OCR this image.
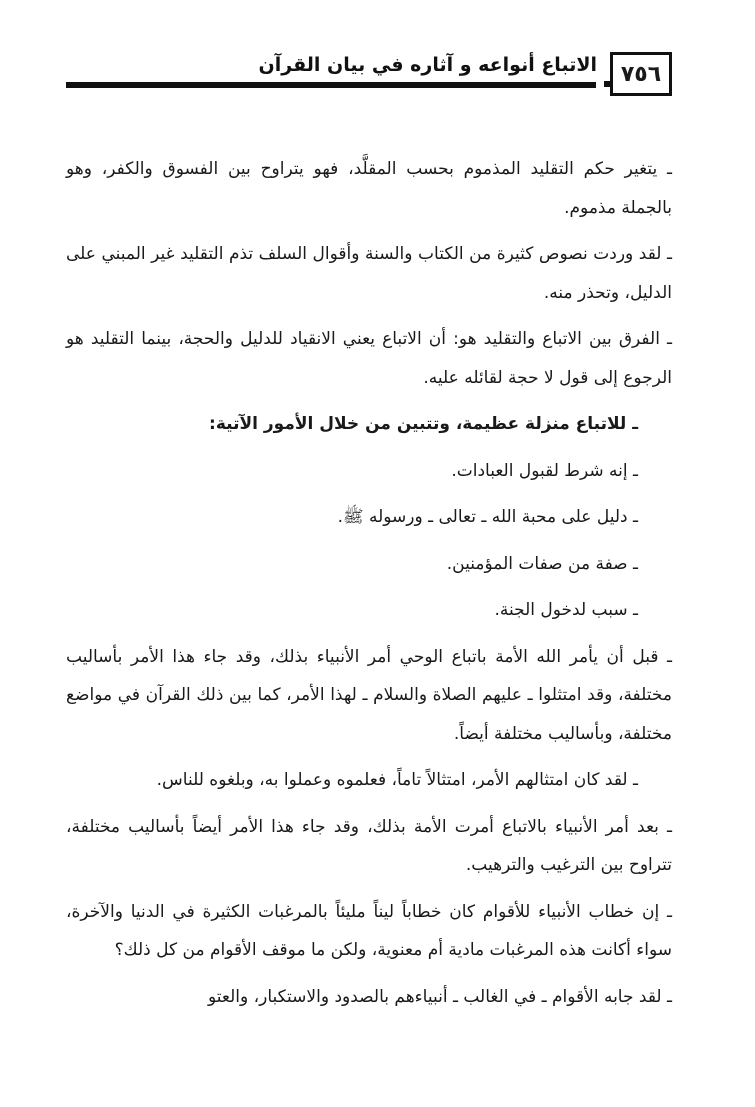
الاتباع أنواعه و آثاره في بيان القرآن	٧٥٦

ـ يتغير حكم التقليد المذموم بحسب المقلَّد، فهو يتراوح بين الفسوق والكفر، وهو بالجملة مذموم.

ـ لقد وردت نصوص كثيرة من الكتاب والسنة وأقوال السلف تذم التقليد غير المبني على الدليل، وتحذر منه.

ـ الفرق بين الاتباع والتقليد هو: أن الاتباع يعني الانقياد للدليل والحجة، بينما التقليد هو الرجوع إلى قول لا حجة لقائله عليه.

ـ للاتباع منزلة عظيمة، وتتبين من خلال الأمور الآتية:

ـ إنه شرط لقبول العبادات.

ـ دليل على محبة الله ـ تعالى ـ ورسوله ﷺ.

ـ صفة من صفات المؤمنين.

ـ سبب لدخول الجنة.

ـ قبل أن يأمر الله الأمة باتباع الوحي أمر الأنبياء بذلك، وقد جاء هذا الأمر بأساليب مختلفة، وقد امتثلوا ـ عليهم الصلاة والسلام ـ لهذا الأمر، كما بين ذلك القرآن في مواضع مختلفة، وبأساليب مختلفة أيضاً.

ـ لقد كان امتثالهم الأمر، امتثالاً تاماً، فعلموه وعملوا به، وبلغوه للناس.

ـ بعد أمر الأنبياء بالاتباع أمرت الأمة بذلك، وقد جاء هذا الأمر أيضاً بأساليب مختلفة، تتراوح بين الترغيب والترهيب.

ـ إن خطاب الأنبياء للأقوام كان خطاباً ليناً مليئاً بالمرغبات الكثيرة في الدنيا والآخرة، سواء أكانت هذه المرغبات مادية أم معنوية، ولكن ما موقف الأقوام من كل ذلك؟

ـ لقد جابه الأقوام ـ في الغالب ـ أنبياءهم بالصدود والاستكبار، والعتو
